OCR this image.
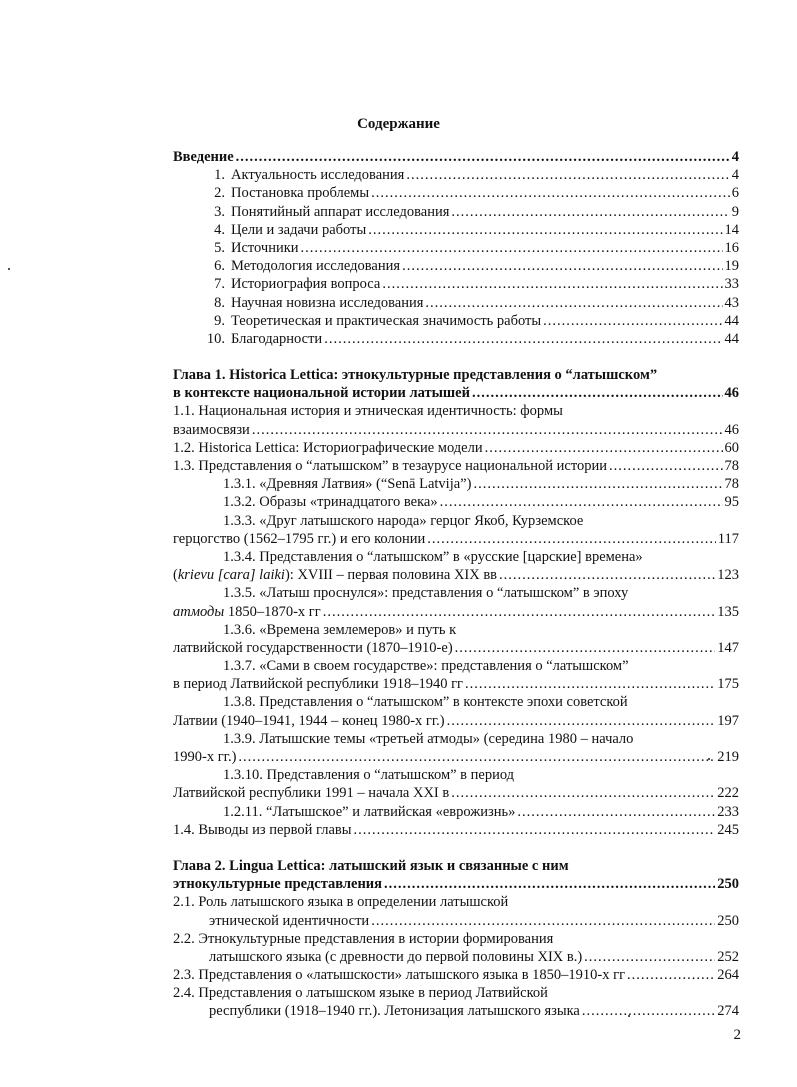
Содержание
Введение .....	4
1. Актуальность исследования .....	4
2. Постановка проблемы .....	6
3. Понятийный аппарат исследования .....	9
4. Цели и задачи работы .....	14
5. Источники .....	16
6. Методология исследования .....	19
7. Историография вопроса .....	33
8. Научная новизна исследования .....	43
9. Теоретическая и практическая значимость работы .....	44
10. Благодарности .....	44
Глава 1. Historica Lettica: этнокультурные представления о “латышском”
в контексте национальной истории латышей .....	46
1.1. Национальная история и этническая идентичность: формы
взаимосвязи .....	46
1.2. Historica Lettica: Историографические модели .....	60
1.3. Представления о “латышском” в тезаурусе национальной истории .....	78
1.3.1. «Древняя Латвия» (“Senā Latvija”) .....	78
1.3.2. Образы «тринадцатого века» .....	95
1.3.3. «Друг латышского народа» герцог Якоб, Курземское
герцогство (1562–1795 гг.) и его колонии .....	117
1.3.4. Представления о “латышском” в «русские [царские] времена»
(krievu [cara] laiki): XVIII – первая половина XIX вв .....	123
1.3.5. «Латыш проснулся»: представления о “латышском” в эпоху
атмоды 1850–1870-х гг .....	135
1.3.6. «Времена землемеров» и путь к
латвийской государственности (1870–1910-е) .....	147
1.3.7. «Сами в своем государстве»: представления о “латышском”
в период Латвийской республики 1918–1940 гг .....	175
1.3.8. Представления о “латышском” в контексте эпохи советской
Латвии (1940–1941, 1944 – конец 1980-х гг.) .....	197
1.3.9. Латышские темы «третьей атмоды» (середина 1980 – начало
1990-х гг.) .....	219
1.3.10. Представления о “латышском” в период
Латвийской республики 1991 – начала XXI в .....	222
1.2.11. “Латышское” и латвийская «еврожизнь» .....	233
1.4. Выводы из первой главы .....	245
Глава 2. Lingua Lettica: латышский язык и связанные с ним
этнокультурные представления .....	250
2.1. Роль латышского языка в определении латышской
этнической идентичности .....	250
2.2. Этнокультурные представления в истории формирования
латышского языка (с древности до первой половины XIX в.) .....	252
2.3. Представления о «латышскости» латышского языка в 1850–1910-х гг .....	264
2.4. Представления о латышском языке в период Латвийской
республики (1918–1940 гг.). Летонизация латышского языка .....	274
2
